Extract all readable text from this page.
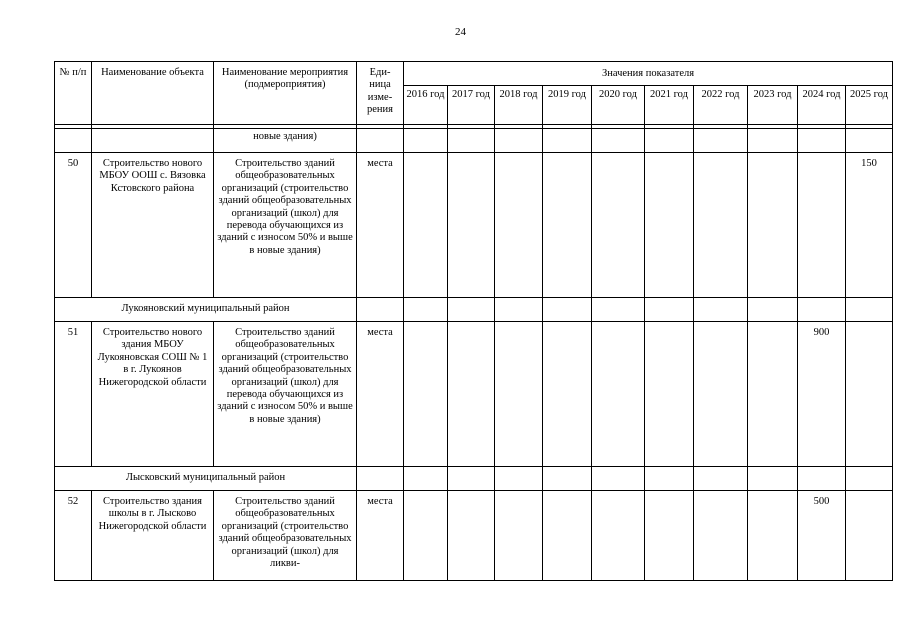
24
№ п/п	Наименование объекта	Наименование мероприятия (подмероприятия)	Еди-ница изме-рения	Значения показателя									
				2016 год	2017 год	2018 год	2019 год	2020 год	2021 год	2022 год	2023 год	2024 год	2025 год

		новые здания)											
50	Строительство нового МБОУ ООШ с. Вязовка Кстовского района	Строительство зданий общеобразовательных организаций (строительство зданий общеобразовательных организаций (школ) для перевода обучающихся из зданий с износом 50% и выше в новые здания)	места										150
Лукояновский муниципальный район													
51	Строительство нового здания МБОУ Лукояновская СОШ № 1 в г. Лукоянов Нижегородской области	Строительство зданий общеобразовательных организаций (строительство зданий общеобразовательных организаций (школ) для перевода обучающихся из зданий с износом 50% и выше в новые здания)	места									900	
Лысковский муниципальный район													
52	Строительство здания школы в г. Лысково Нижегородской области	Строительство зданий общеобразовательных организаций (строительство зданий общеобразовательных организаций (школ) для ликви-	места									500	
